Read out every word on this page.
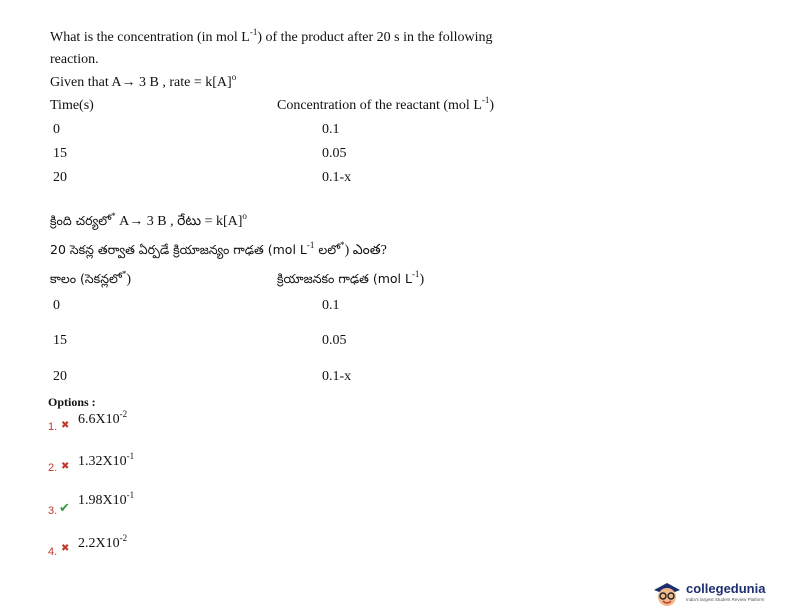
What is the concentration (in mol $L^{-1}$) of the product after 20 s in the following
reaction.
Given that A→ 3 B , rate = $k[A]^o$
Time(s)	Concentration of the reactant (mol $L^{-1}$)
0	0.1
15	0.05
20	0.1-x
క్రింది చర్యలో* A→ 3 B , రేటు = $k[A]^o$
20 సెకన్ల తర్వాత ఏర్పడే క్రియాజన్యం గాఢత (mol $L^{-1}$ లలో*) ఎంత?
కాలం (సెకన్లలో*)	క్రియాజనకం గాఢత (mol $L^{-1}$)
0	0.1
15	0.05
20	0.1-x
Options :
1. ✖ $6.6X10^{-2}$
2. ✖ $1.32X10^{-1}$
3. ✔
$1.98X10^{-1}$
4. ✖ $2.2X10^{-2}$
collegedunia
India's largest Student Review Platform
